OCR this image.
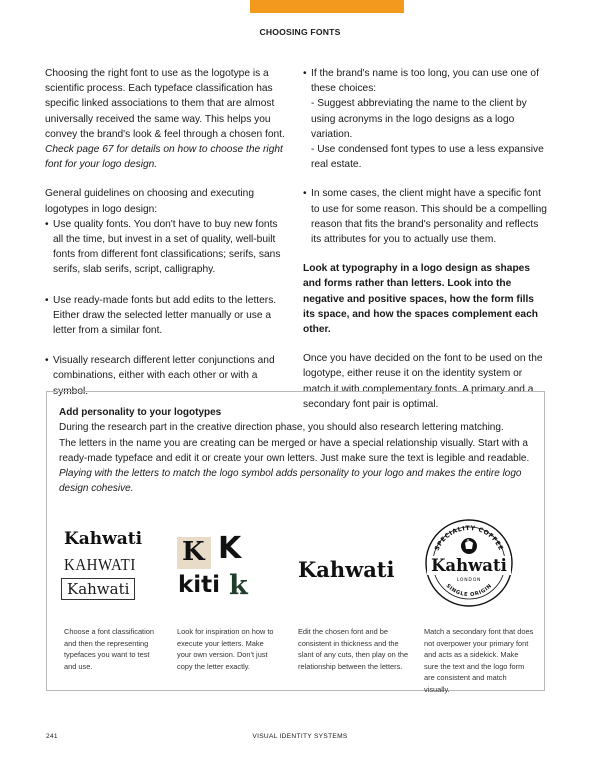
CHOOSING FONTS

Choosing the right font to use as the logotype is a scientific process. Each typeface classification has specific linked associations to them that are almost universally received the same way. This helps you convey the brand's look & feel through a chosen font. Check page 67 for details on how to choose the right font for your logo design.

General guidelines on choosing and executing logotypes in logo design:

• Use quality fonts. You don't have to buy new fonts all the time, but invest in a set of quality, well-built fonts from different font classifications; serifs, sans serifs, slab serifs, script, calligraphy.
• Use ready-made fonts but add edits to the letters. Either draw the selected letter manually or use a letter from a similar font.
• Visually research different letter conjunctions and combinations, either with each other or with a symbol.
• If the brand's name is too long, you can use one of these choices:
- Suggest abbreviating the name to the client by using acronyms in the logo designs as a logo variation.
- Use condensed font types to use a less expansive real estate.
• In some cases, the client might have a specific font to use for some reason. This should be a compelling reason that fits the brand's personality and reflects its attributes for you to actually use them.

Look at typography in a logo design as shapes and forms rather than letters. Look into the negative and positive spaces, how the form fills its space, and how the spaces complement each other.

Once you have decided on the font to be used on the logotype, either reuse it on the identity system or match it with complementary fonts. A primary and a secondary font pair is optimal.

Add personality to your logotypes
During the research part in the creative direction phase, you should also research lettering matching.
The letters in the name you are creating can be merged or have a special relationship visually. Start with a ready-made typeface and edit it or create your own letters. Just make sure the text is legible and readable.
Playing with the letters to match the logo symbol adds personality to your logo and makes the entire logo design cohesive.
Kahwati
KAHWATI
Kahwati
K K
kiti k
Kahwati
SPECIALITY COFFEE
SINGLE ORIGIN
Kahwati
LONDON
Choose a font classification and then the representing typefaces you want to test and use.
Look for inspiration on how to execute your letters. Make your own version. Don't just copy the letter exactly.
Edit the chosen font and be consistent in thickness and the slant of any cuts, then play on the relationship between the letters.
Match a secondary font that does not overpower your primary font and acts as a sidekick. Make sure the text and the logo form are consistent and match visually.
241	VISUAL IDENTITY SYSTEMS
